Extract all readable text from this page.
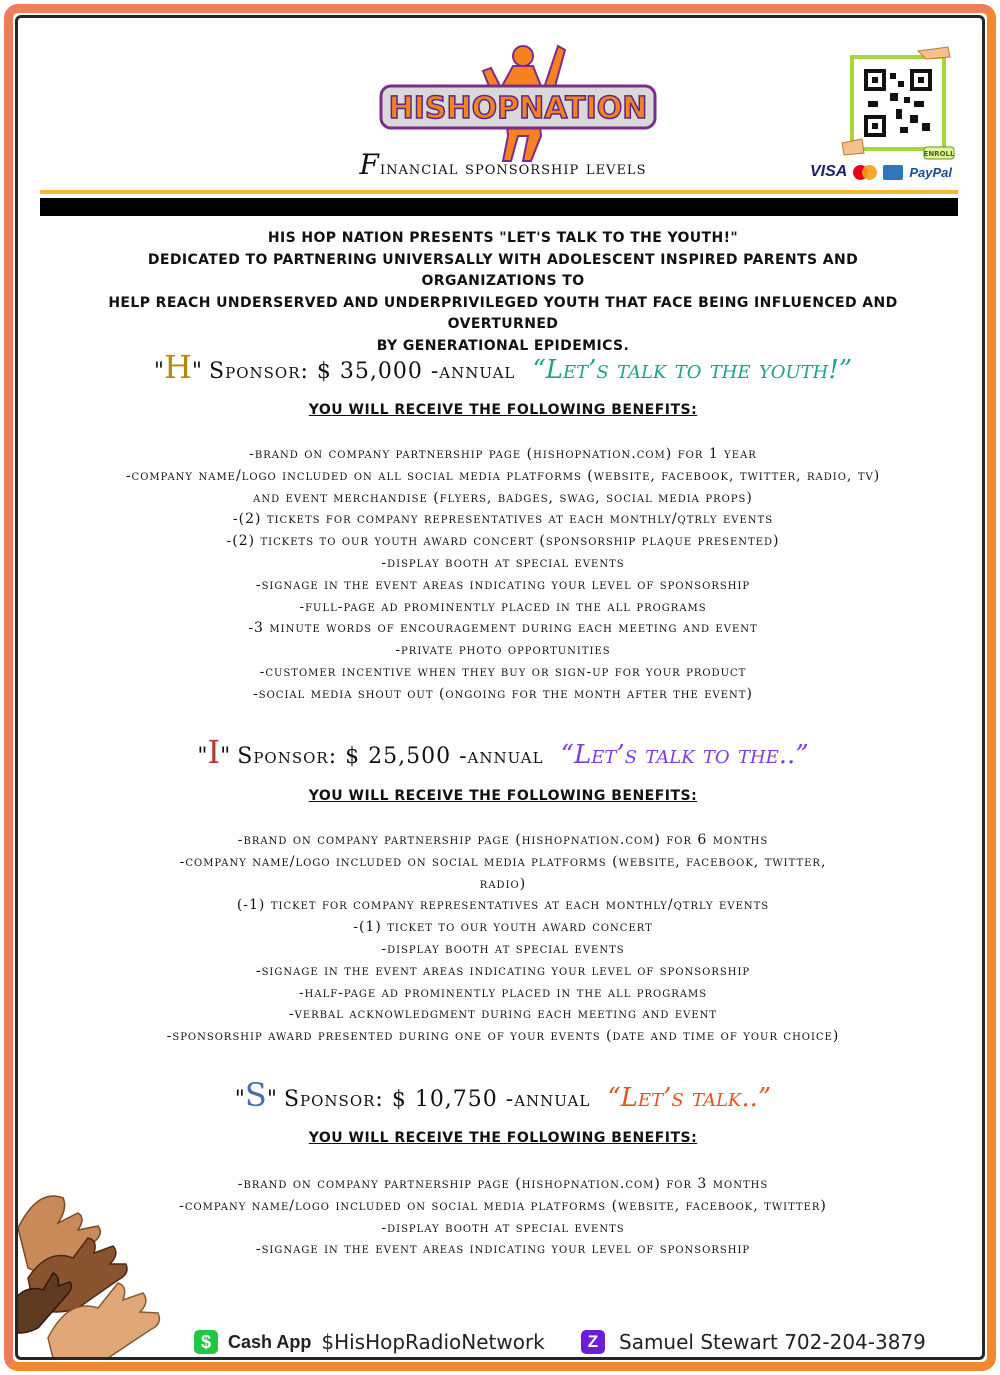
HISHOPNATION
ENROLL
VISA	PayPal
Financial sponsorship levels
HIS HOP NATION PRESENTS "LET'S TALK TO THE YOUTH!"
DEDICATED TO PARTNERING UNIVERSALLY WITH ADOLESCENT INSPIRED PARENTS AND ORGANIZATIONS TO
HELP REACH UNDERSERVED AND UNDERPRIVILEGED YOUTH THAT FACE BEING INFLUENCED AND OVERTURNED
BY GENERATIONAL EPIDEMICS.
"H" Sponsor: $ 35,000 -annual “Let’s talk to the youth!”
YOU WILL RECEIVE THE FOLLOWING BENEFITS:
-brand on company partnership page (hishopnation.com) for 1 year
-company name/logo included on all social media platforms (website, facebook, twitter, radio, tv)
and event merchandise (flyers, badges, swag, social media props)
-(2) tickets for company representatives at each monthly/qtrly events
-(2) tickets to our youth award concert (sponsorship plaque presented)
-display booth at special events
-signage in the event areas indicating your level of sponsorship
-full-page ad prominently placed in the all programs
-3 minute words of encouragement during each meeting and event
-private photo opportunities
-customer incentive when they buy or sign-up for your product
-social media shout out (ongoing for the month after the event)
"I" Sponsor: $ 25,500 -annual “Let’s talk to the..”
YOU WILL RECEIVE THE FOLLOWING BENEFITS:
-brand on company partnership page (hishopnation.com) for 6 months
-company name/logo included on social media platforms (website, facebook, twitter,
radio)
(-1) ticket for company representatives at each monthly/qtrly events
-(1) ticket to our youth award concert
-display booth at special events
-signage in the event areas indicating your level of sponsorship
-half-page ad prominently placed in the all programs
-verbal acknowledgment during each meeting and event
-sponsorship award presented during one of your events (date and time of your choice)
"S" Sponsor: $ 10,750 -annual “Let’s talk..”
YOU WILL RECEIVE THE FOLLOWING BENEFITS:
-brand on company partnership page (hishopnation.com) for 3 months
-company name/logo included on social media platforms (website, facebook, twitter)
-display booth at special events
-signage in the event areas indicating your level of sponsorship
$ Cash App $HisHopRadioNetwork	Z	Samuel Stewart 702-204-3879
